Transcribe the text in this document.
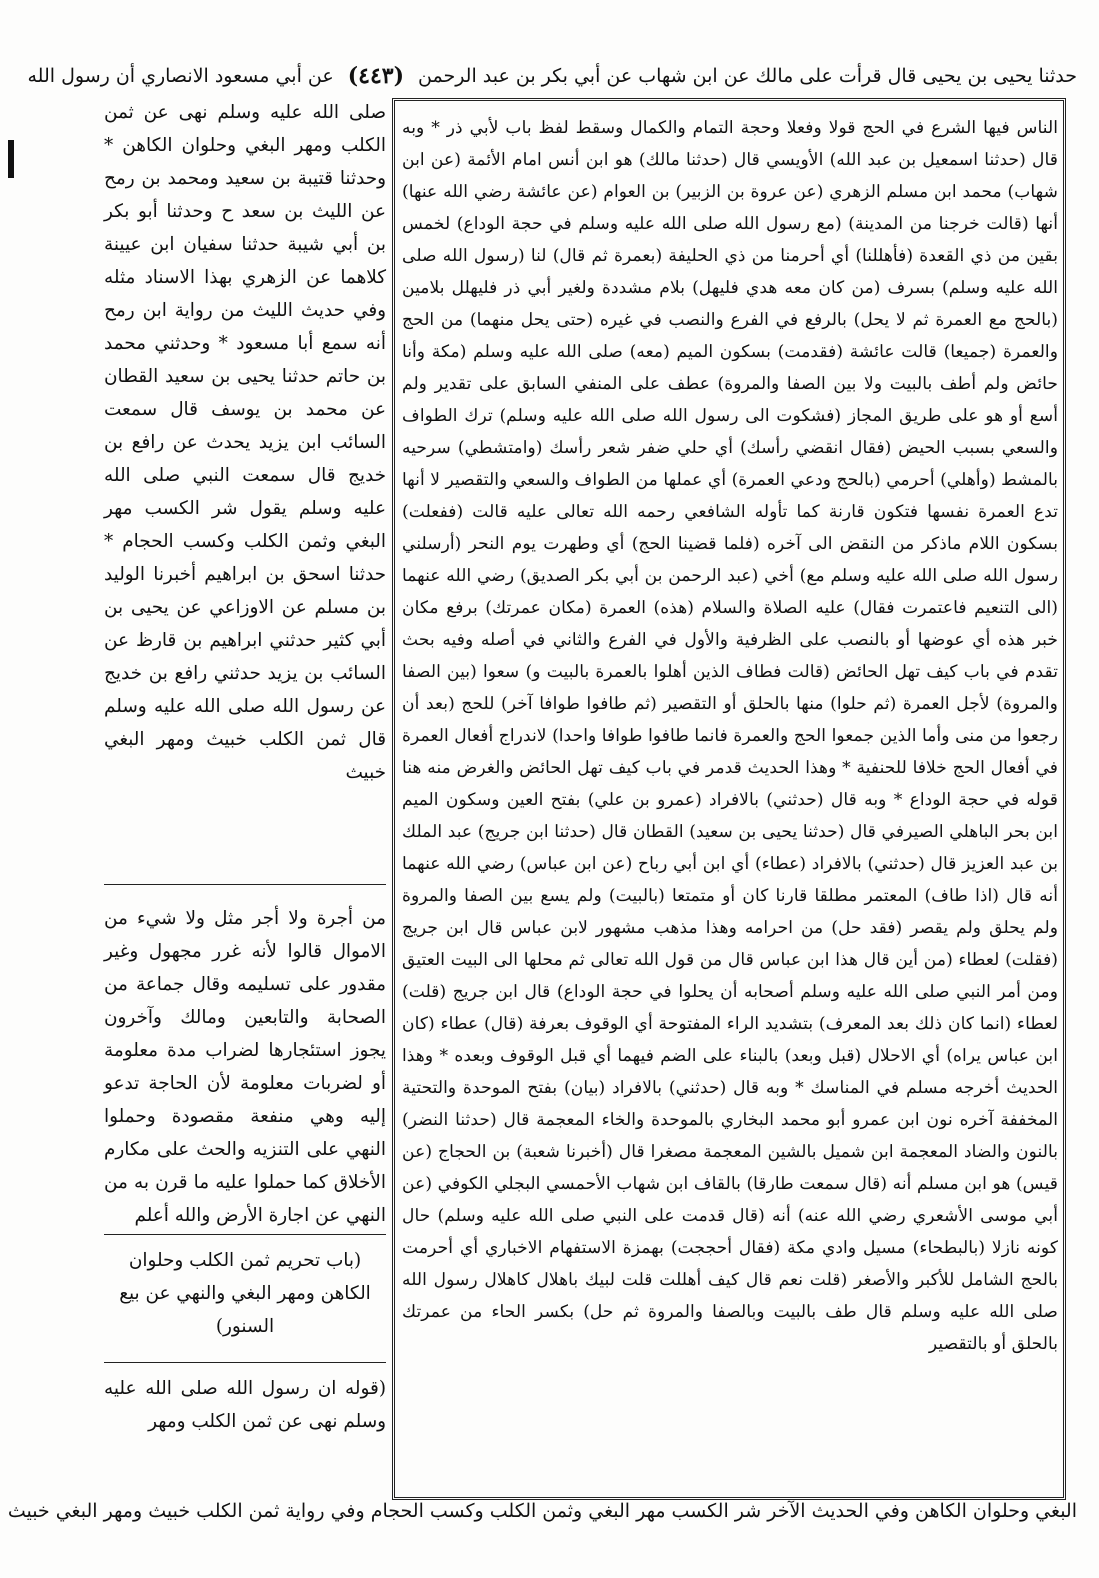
حدثنا يحيى بن يحيى قال قرأت على مالك عن ابن شهاب عن أبي بكر بن عبد الرحمن
(٤٤٣)
عن أبي مسعود الانصاري أن رسول الله
الناس فيها الشرع في الحج قولا وفعلا وحجة التمام والكمال وسقط لفظ باب لأبي ذر * وبه قال (حدثنا اسمعيل بن عبد الله) الأويسي قال (حدثنا مالك) هو ابن أنس امام الأئمة (عن ابن شهاب) محمد ابن مسلم الزهري (عن عروة بن الزبير) بن العوام (عن عائشة رضي الله عنها) أنها (قالت خرجنا من المدينة) (مع رسول الله صلى الله عليه وسلم في حجة الوداع) لخمس بقين من ذي القعدة (فأهللنا) أي أحرمنا من ذي الحليفة (بعمرة ثم قال) لنا (رسول الله صلى الله عليه وسلم) بسرف (من كان معه هدي فليهل) بلام مشددة ولغير أبي ذر فليهلل بلامين (بالحج مع العمرة ثم لا يحل) بالرفع في الفرع والنصب في غيره (حتى يحل منهما) من الحج والعمرة (جميعا) قالت عائشة (فقدمت) بسكون الميم (معه) صلى الله عليه وسلم (مكة وأنا حائض ولم أطف بالبيت ولا بين الصفا والمروة) عطف على المنفي السابق على تقدير ولم أسع أو هو على طريق المجاز (فشكوت الى رسول الله صلى الله عليه وسلم) ترك الطواف والسعي بسبب الحيض (فقال انقضي رأسك) أي حلي ضفر شعر رأسك (وامتشطي) سرحيه بالمشط (وأهلي) أحرمي (بالحج ودعي العمرة) أي عملها من الطواف والسعي والتقصير لا أنها تدع العمرة نفسها فتكون قارنة كما تأوله الشافعي رحمه الله تعالى عليه قالت (ففعلت) بسكون اللام ماذكر من النقض الى آخره (فلما قضينا الحج) أي وطهرت يوم النحر (أرسلني رسول الله صلى الله عليه وسلم مع) أخي (عبد الرحمن بن أبي بكر الصديق) رضي الله عنهما (الى التنعيم فاعتمرت فقال) عليه الصلاة والسلام (هذه) العمرة (مكان عمرتك) برفع مكان خبر هذه أي عوضها أو بالنصب على الظرفية والأول في الفرع والثاني في أصله وفيه بحث تقدم في باب كيف تهل الحائض (قالت فطاف الذين أهلوا بالعمرة بالبيت و) سعوا (بين الصفا والمروة) لأجل العمرة (ثم حلوا) منها بالحلق أو التقصير (ثم طافوا طوافا آخر) للحج (بعد أن رجعوا من منى وأما الذين جمعوا الحج والعمرة فانما طافوا طوافا واحدا) لاندراج أفعال العمرة في أفعال الحج خلافا للحنفية * وهذا الحديث قدمر في باب كيف تهل الحائض والغرض منه هنا قوله في حجة الوداع * وبه قال (حدثني) بالافراد (عمرو بن علي) بفتح العين وسكون الميم ابن بحر الباهلي الصيرفي قال (حدثنا يحيى بن سعيد) القطان قال (حدثنا ابن جريج) عبد الملك بن عبد العزيز قال (حدثني) بالافراد (عطاء) أي ابن أبي رباح (عن ابن عباس) رضي الله عنهما أنه قال (اذا طاف) المعتمر مطلقا قارنا كان أو متمتعا (بالبيت) ولم يسع بين الصفا والمروة ولم يحلق ولم يقصر (فقد حل) من احرامه وهذا مذهب مشهور لابن عباس قال ابن جريج (فقلت) لعطاء (من أين قال هذا ابن عباس قال من قول الله تعالى ثم محلها الى البيت العتيق ومن أمر النبي صلى الله عليه وسلم أصحابه أن يحلوا في حجة الوداع) قال ابن جريج (قلت) لعطاء (انما كان ذلك بعد المعرف) بتشديد الراء المفتوحة أي الوقوف بعرفة (قال) عطاء (كان ابن عباس يراه) أي الاحلال (قبل وبعد) بالبناء على الضم فيهما أي قبل الوقوف وبعده * وهذا الحديث أخرجه مسلم في المناسك * وبه قال (حدثني) بالافراد (بيان) بفتح الموحدة والتحتية المخففة آخره نون ابن عمرو أبو محمد البخاري بالموحدة والخاء المعجمة قال (حدثنا النضر) بالنون والضاد المعجمة ابن شميل بالشين المعجمة مصغرا قال (أخبرنا شعبة) بن الحجاج (عن قيس) هو ابن مسلم أنه (قال سمعت طارقا) بالقاف ابن شهاب الأحمسي البجلي الكوفي (عن أبي موسى الأشعري رضي الله عنه) أنه (قال قدمت على النبي صلى الله عليه وسلم) حال كونه نازلا (بالبطحاء) مسيل وادي مكة (فقال أحججت) بهمزة الاستفهام الاخباري أي أحرمت بالحج الشامل للأكبر والأصغر (قلت نعم قال كيف أهللت قلت لبيك باهلال كاهلال رسول الله صلى الله عليه وسلم قال طف بالبيت وبالصفا والمروة ثم حل) بكسر الحاء من عمرتك بالحلق أو بالتقصير
صلى الله عليه وسلم نهى عن ثمن الكلب ومهر البغي وحلوان الكاهن * وحدثنا قتيبة بن سعيد ومحمد بن رمح عن الليث بن سعد ح وحدثنا أبو بكر بن أبي شيبة حدثنا سفيان ابن عيينة كلاهما عن الزهري بهذا الاسناد مثله وفي حديث الليث من رواية ابن رمح أنه سمع أبا مسعود * وحدثني محمد بن حاتم حدثنا يحيى بن سعيد القطان عن محمد بن يوسف قال سمعت السائب ابن يزيد يحدث عن رافع بن خديج قال سمعت النبي صلى الله عليه وسلم يقول شر الكسب مهر البغي وثمن الكلب وكسب الحجام * حدثنا اسحق بن ابراهيم أخبرنا الوليد بن مسلم عن الاوزاعي عن يحيى بن أبي كثير حدثني ابراهيم بن قارظ عن السائب بن يزيد حدثني رافع بن خديج عن رسول الله صلى الله عليه وسلم قال ثمن الكلب خبيث ومهر البغي خبيث
من أجرة ولا أجر مثل ولا شيء من الاموال قالوا لأنه غرر مجهول وغير مقدور على تسليمه وقال جماعة من الصحابة والتابعين ومالك وآخرون يجوز استئجارها لضراب مدة معلومة أو لضربات معلومة لأن الحاجة تدعو إليه وهي منفعة مقصودة وحملوا النهي على التنزيه والحث على مكارم الأخلاق كما حملوا عليه ما قرن به من النهي عن اجارة الأرض والله أعلم
(باب تحريم ثمن الكلب وحلوان الكاهن ومهر البغي والنهي عن بيع السنور)
(قوله ان رسول الله صلى الله عليه وسلم نهى عن ثمن الكلب ومهر
البغي وحلوان الكاهن وفي الحديث الآخر شر الكسب مهر البغي وثمن الكلب وكسب الحجام وفي رواية ثمن الكلب خبيث ومهر البغي خبيث
